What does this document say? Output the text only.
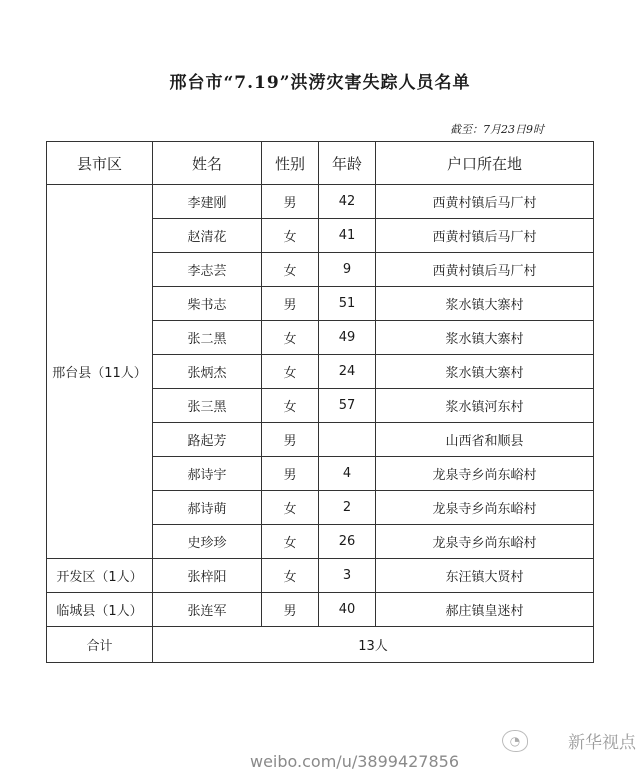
邢台市“7.19”洪涝灾害失踪人员名单
截至：7月23日9时
县市区	姓名	性别	年龄	户口所在地
邢台县（11人）	李建刚	男	42	西黄村镇后马厂村
	赵清花	女	41	西黄村镇后马厂村
	李志芸	女	9	西黄村镇后马厂村
	柴书志	男	51	浆水镇大寨村
	张二黑	女	49	浆水镇大寨村
	张炳杰	女	24	浆水镇大寨村
	张三黑	女	57	浆水镇河东村
	路起芳	男		山西省和顺县
	郝诗宇	男	4	龙泉寺乡尚东峪村
	郝诗萌	女	2	龙泉寺乡尚东峪村
	史珍珍	女	26	龙泉寺乡尚东峪村
开发区（1人）	张梓阳	女	3	东汪镇大贤村
临城县（1人）	张连军	男	40	郝庄镇皇迷村
合计	13人			
◔	新华视点
weibo.com/u/3899427856
